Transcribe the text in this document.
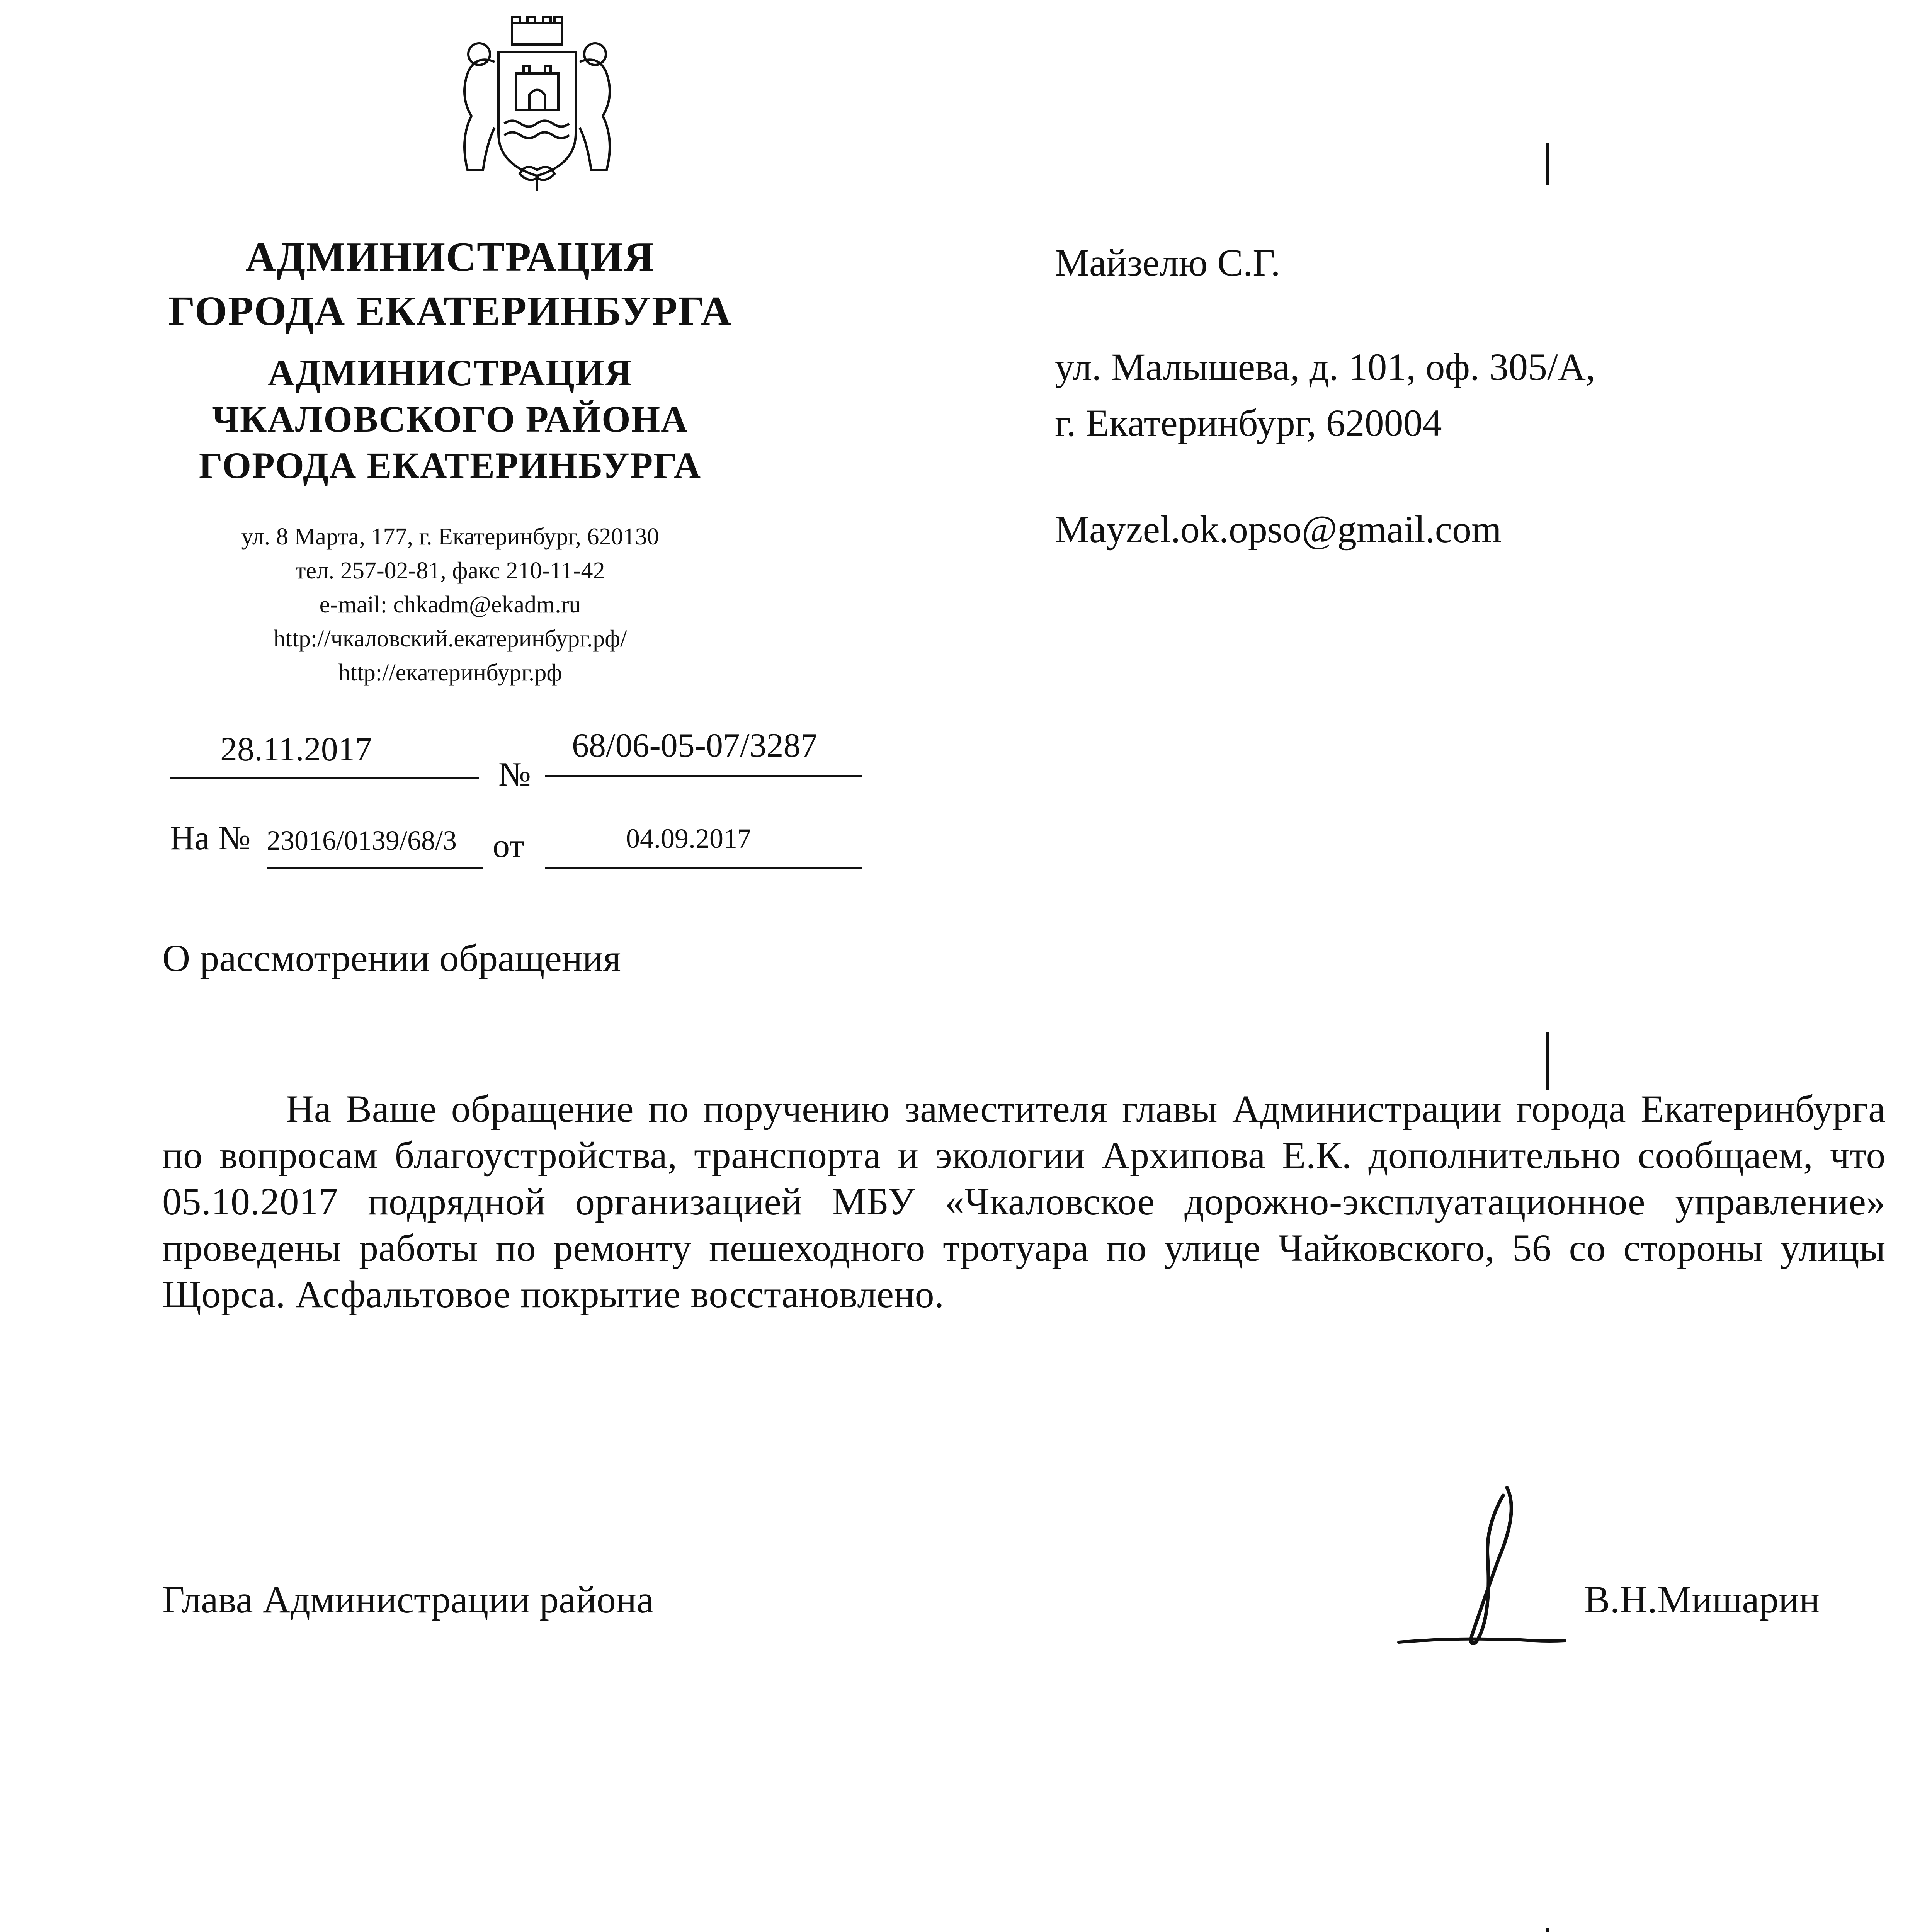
АДМИНИСТРАЦИЯ
ГОРОДА ЕКАТЕРИНБУРГА
АДМИНИСТРАЦИЯ
ЧКАЛОВСКОГО РАЙОНА
ГОРОДА ЕКАТЕРИНБУРГА
ул. 8 Марта, 177, г. Екатеринбург, 620130
тел. 257-02-81, факс 210-11-42
e-mail: chkadm@ekadm.ru
http://чкаловский.екатеринбург.рф/
http://екатеринбург.рф
28.11.2017
№
68/06-05-07/3287
На № 23016/0139/68/3	от	04.09.2017
Майзелю С.Г.
ул. Малышева, д. 101, оф. 305/А,
г. Екатеринбург, 620004
Mayzel.ok.opso@gmail.com
О рассмотрении обращения
На Ваше обращение по поручению заместителя главы Администрации города Екатеринбурга по вопросам благоустройства, транспорта и экологии Архипова Е.К. дополнительно сообщаем, что 05.10.2017 подрядной организацией МБУ «Чкаловское дорожно-эксплуатационное управление» проведены работы по ремонту пешеходного тротуара по улице Чайковского, 56 со стороны улицы Щорса. Асфальтовое покрытие восстановлено.
Глава Администрации района	В.Н.Мишарин
